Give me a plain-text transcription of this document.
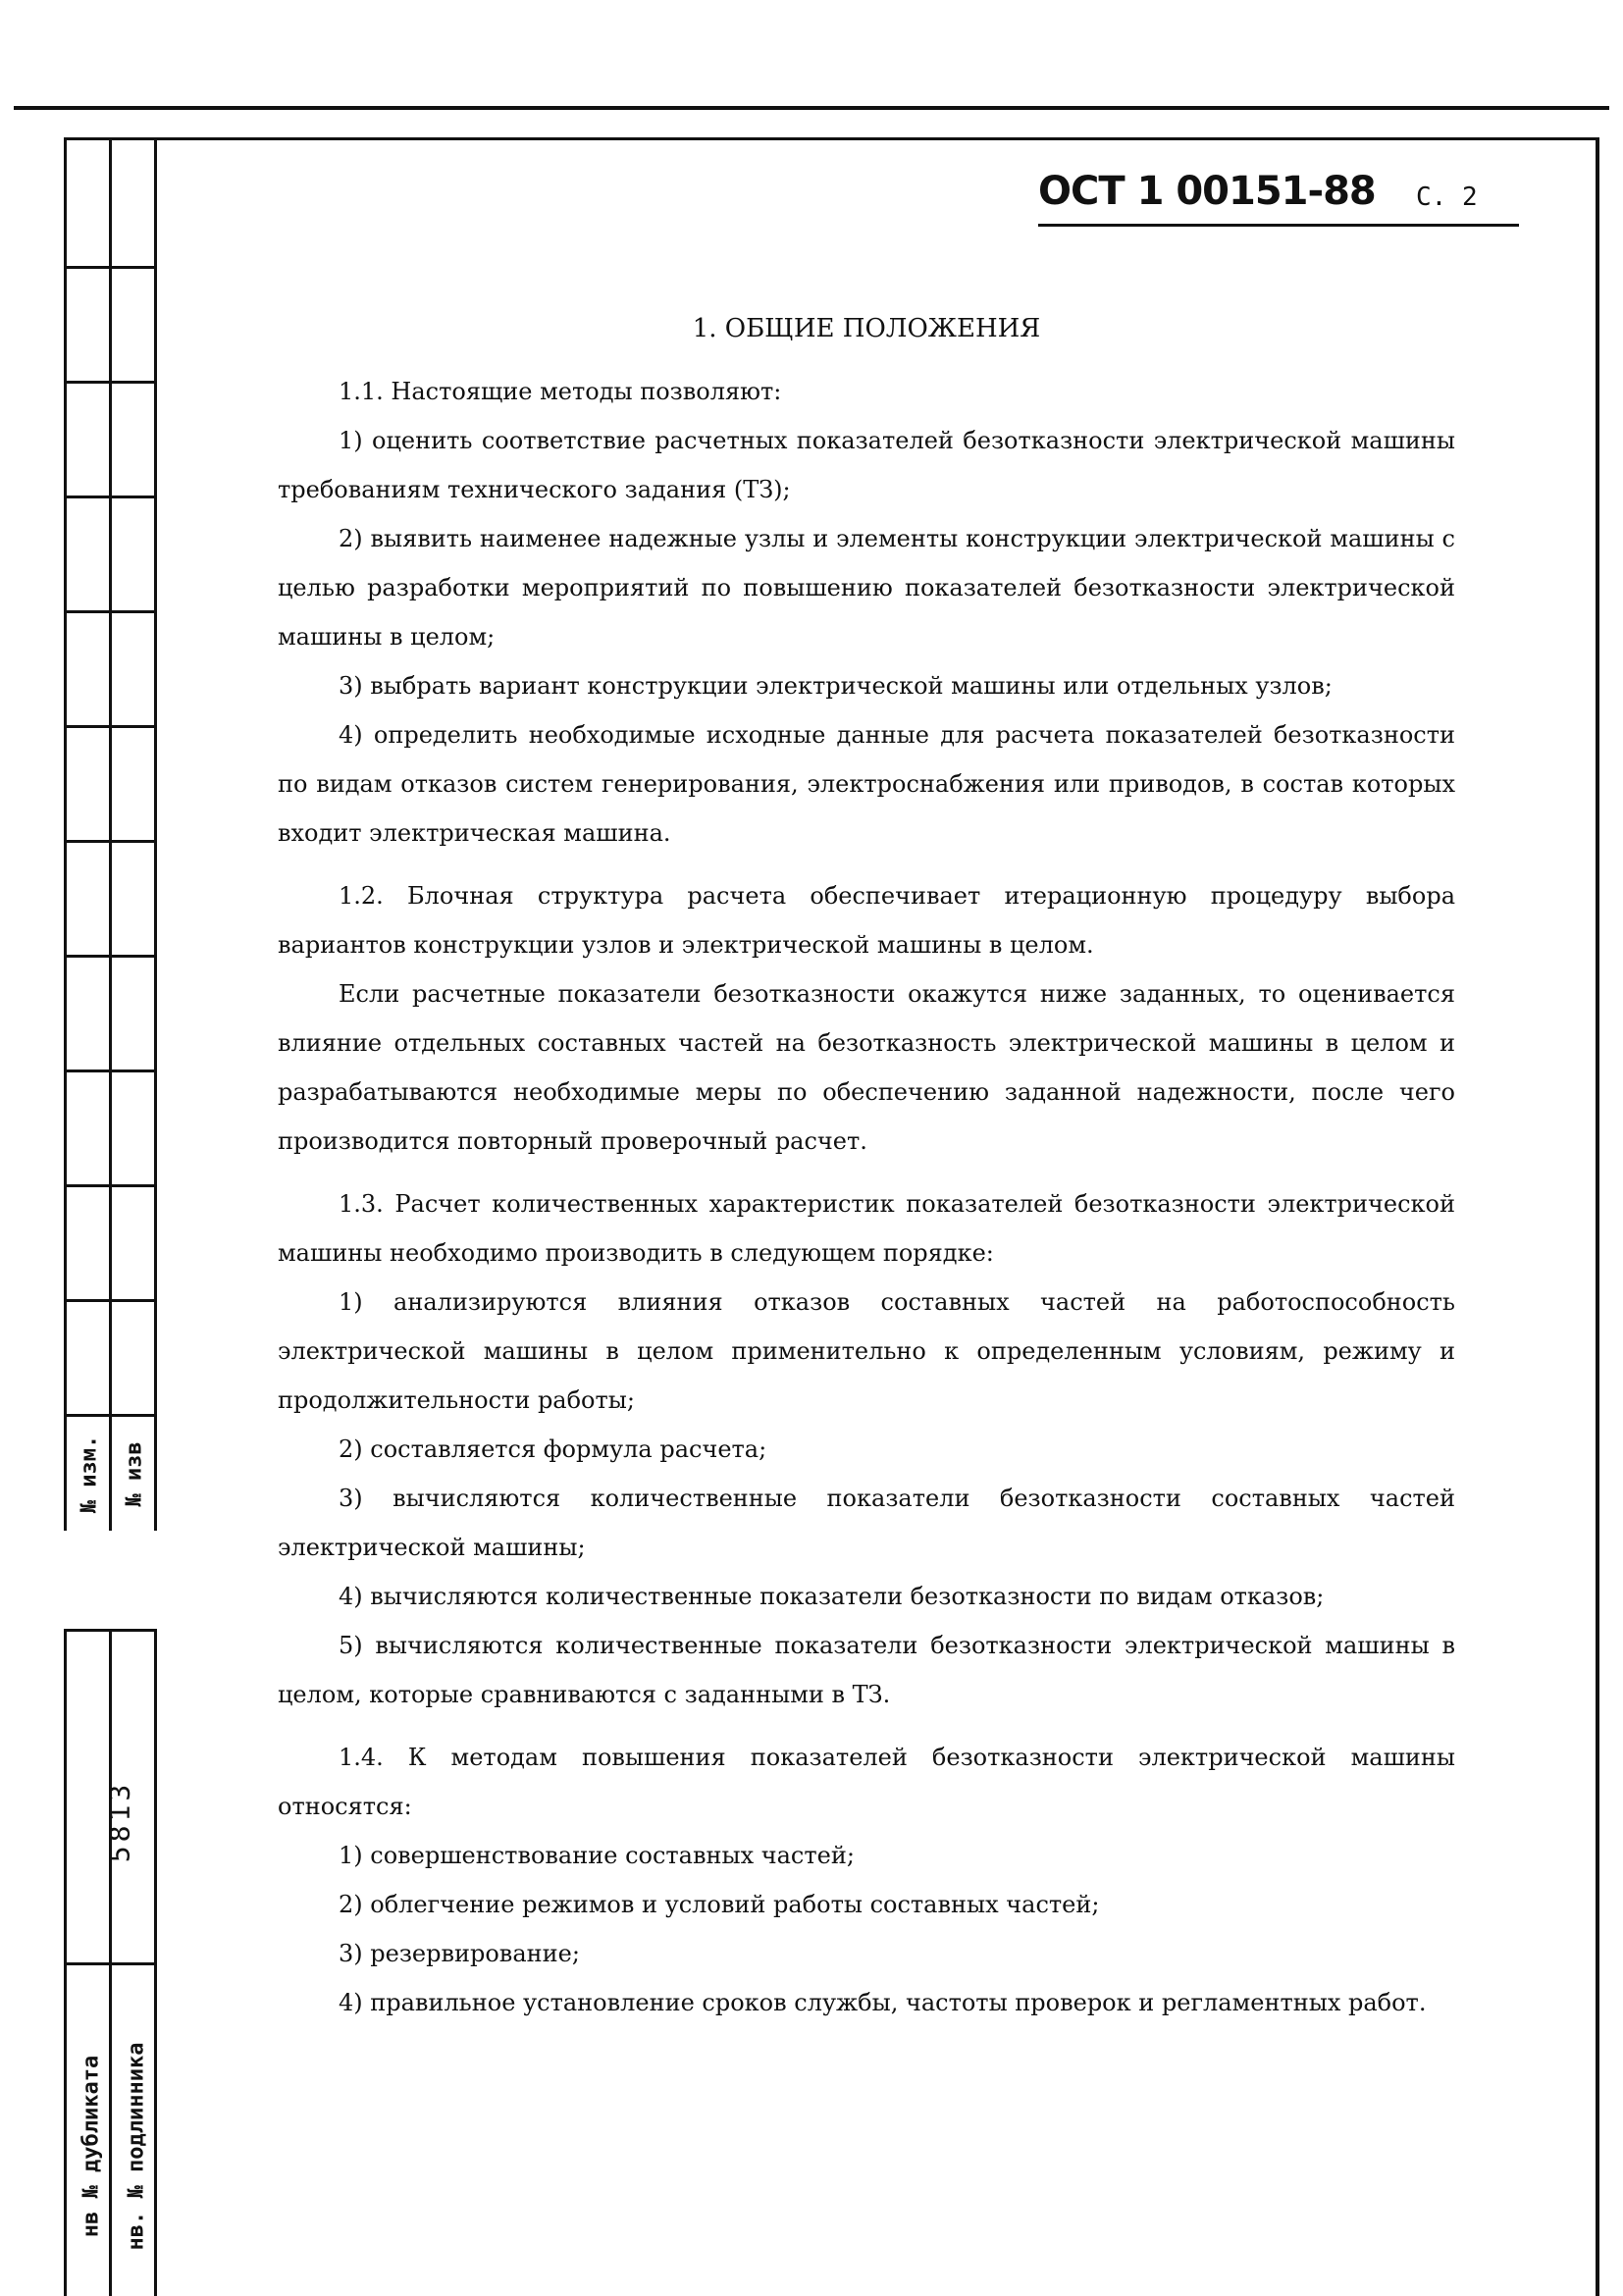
№ изм. № изв
5813
нв № дубликата нв. № подлинника
ОСТ 1 00151-88 С. 2
1. ОБЩИЕ ПОЛОЖЕНИЯ

1.1. Настоящие методы позволяют:

1) оценить соответствие расчетных показателей безотказности электрической машины требованиям технического задания (ТЗ);

2) выявить наименее надежные узлы и элементы конструкции электрической машины с целью разработки мероприятий по повышению показателей безотказности электрической машины в целом;

3) выбрать вариант конструкции электрической машины или отдельных узлов;

4) определить необходимые исходные данные для расчета показателей безотказности по видам отказов систем генерирования, электроснабжения или приводов, в состав которых входит электрическая машина.

1.2. Блочная структура расчета обеспечивает итерационную процедуру выбора вариантов конструкции узлов и электрической машины в целом.

Если расчетные показатели безотказности окажутся ниже заданных, то оценивается влияние отдельных составных частей на безотказность электрической машины в целом и разрабатываются необходимые меры по обеспечению заданной надежности, после чего производится повторный проверочный расчет.

1.3. Расчет количественных характеристик показателей безотказности электрической машины необходимо производить в следующем порядке:

1) анализируются влияния отказов составных частей на работоспособность электрической машины в целом применительно к определенным условиям, режиму и продолжительности работы;

2) составляется формула расчета;

3) вычисляются количественные показатели безотказности составных частей электрической машины;

4) вычисляются количественные показатели безотказности по видам отказов;

5) вычисляются количественные показатели безотказности электрической машины в целом, которые сравниваются с заданными в ТЗ.

1.4. К методам повышения показателей безотказности электрической машины относятся:

1) совершенствование составных частей;

2) облегчение режимов и условий работы составных частей;

3) резервирование;

4) правильное установление сроков службы, частоты проверок и регламентных работ.
